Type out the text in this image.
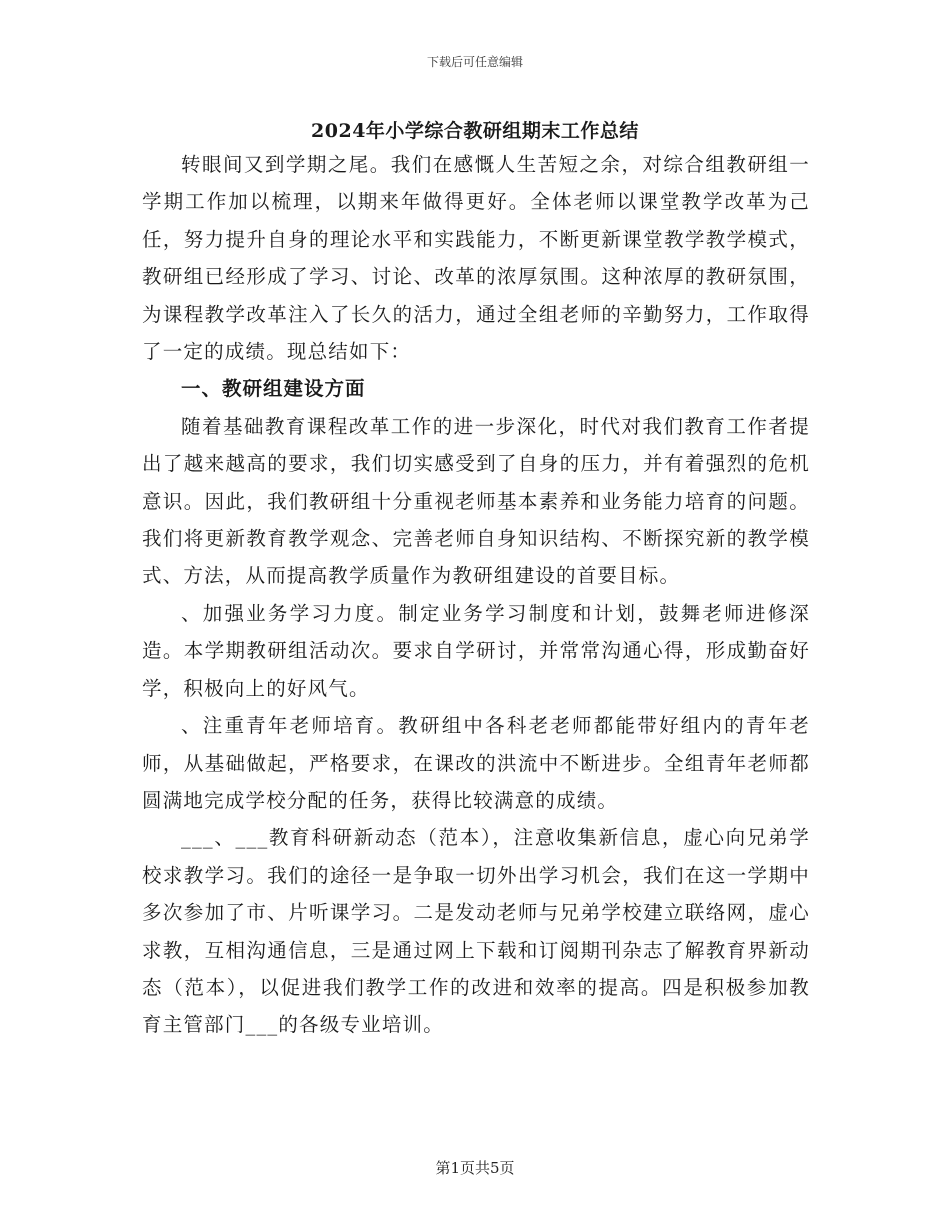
下载后可任意编辑
2024年小学综合教研组期末工作总结

转眼间又到学期之尾。我们在感慨人生苦短之余，对综合组教研组一学期工作加以梳理，以期来年做得更好。全体老师以课堂教学改革为己任，努力提升自身的理论水平和实践能力，不断更新课堂教学教学模式，教研组已经形成了学习、讨论、改革的浓厚氛围。这种浓厚的教研氛围，为课程教学改革注入了长久的活力，通过全组老师的辛勤努力，工作取得了一定的成绩。现总结如下：

一、教研组建设方面

随着基础教育课程改革工作的进一步深化，时代对我们教育工作者提出了越来越高的要求，我们切实感受到了自身的压力，并有着强烈的危机意识。因此，我们教研组十分重视老师基本素养和业务能力培育的问题。我们将更新教育教学观念、完善老师自身知识结构、不断探究新的教学模式、方法，从而提高教学质量作为教研组建设的首要目标。

、加强业务学习力度。制定业务学习制度和计划，鼓舞老师进修深造。本学期教研组活动次。要求自学研讨，并常常沟通心得，形成勤奋好学，积极向上的好风气。

、注重青年老师培育。教研组中各科老老师都能带好组内的青年老师，从基础做起，严格要求，在课改的洪流中不断进步。全组青年老师都圆满地完成学校分配的任务，获得比较满意的成绩。

___、___教育科研新动态（范本），注意收集新信息，虚心向兄弟学校求教学习。我们的途径一是争取一切外出学习机会，我们在这一学期中多次参加了市、片听课学习。二是发动老师与兄弟学校建立联络网，虚心求教，互相沟通信息，三是通过网上下载和订阅期刊杂志了解教育界新动态（范本），以促进我们教学工作的改进和效率的提高。四是积极参加教育主管部门___的各级专业培训。

第1页共5页
